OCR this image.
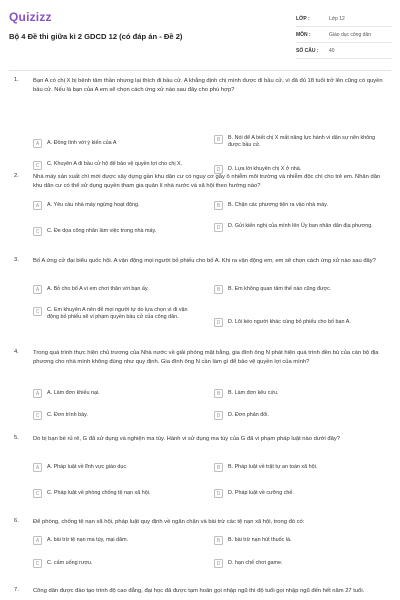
Quizizz
Bộ 4 Đề thi giữa kì 2 GDCD 12 (có đáp án - Đề 2)
LỚP :	Lớp 12
MÔN :	Giáo dục công dân
SỐ CÂU :	40
1. Bạn A có chị X bị bệnh tâm thần nhưng lại thích đi bầu cử. A khẳng định chị mình được đi bầu cử, vì đã đủ 18 tuổi trở lên cũng có quyền bầu cử. Nếu là bạn của A em sẽ chọn cách ứng xử nào sau đây cho phù hợp?
A	A. Đồng tình với ý kiến của A
B	B. Nói để A biết chị X mất năng lực hành vi dân sự nên không được bầu cử.
C	C. Khuyên A đi bầu cử hộ để bảo vệ quyền lợi cho chị X.
D	D. Lựa lời khuyên chị X ở nhà.
2. Nhà máy sản xuất chì mới được xây dựng gần khu dân cư có nguy cơ gây ô nhiễm môi trường và nhiễm độc chì cho trẻ em. Nhân dân khu dân cư có thể sử dụng quyền tham gia quản lí nhà nước và xã hội theo hướng nào?
A	A. Yêu cầu nhà máy ngừng hoạt động.	B	B. Chặn các phương tiện ra vào nhà máy.
C	C. Đe dọa công nhân làm việc trong nhà máy.
D	D. Gửi kiến nghị của mình lên Ủy ban nhân dân địa phương.
3. Bố A ứng cử đại biểu quốc hội. A vận động mọi người bỏ phiếu cho bố A. Khi ra vận động em, em sẽ chọn cách ứng xử nào sau đây?
A	A. Bỏ cho bố A vì em chơi thân với bạn ấy.	B	B. Em không quan tâm thế nào cũng được.
C	C. Em khuyên A nên để mọi người tự do lựa chọn vì đi vận động bỏ phiếu sẽ vi phạm quyền bầu cử của công dân.
D	D. Lôi kéo người khác cùng bỏ phiếu cho bố bạn A.
4. Trong quá trình thực hiện chủ trương của Nhà nước về giải phóng mặt bằng, gia đình ông N phát hiện quá trình đền bù của cán bộ địa phương cho nhà mình không đúng như quy định. Gia đình ông N cần làm gì để bảo vệ quyền lợi của mình?
A	A. Làm đơn khiếu nại.	B	B. Làm đơn kêu cứu.
C	C. Đơn trình bày.	D	D. Đơn phản đối.
5. Do bị bạn bè rủ rê, G đã sử dụng và nghiện ma túy. Hành vi sử dụng ma túy của G đã vi phạm pháp luật nào dưới đây?
A	A. Pháp luật về lĩnh vực giáo dục.	B	B. Pháp luật về trật tự an toàn xã hội.
C	C. Pháp luật về phòng chống tệ nạn xã hội.	D	D. Pháp luật về cưỡng chế.
6. Để phòng, chống tệ nạn xã hội, pháp luật quy định về ngăn chặn và bài trừ các tệ nạn xã hội, trong đó có:
A	A. bài trừ tệ nạn ma túy, mại dâm.	B	B. bài trừ nạn hút thuốc lá.
C	C. cấm uống rượu.	D	D. hạn chế chơi game.
7. Công dân được đào tạo trình độ cao đẳng, đại học đã được tạm hoãn gọi nhập ngũ thì độ tuổi gọi nhập ngũ đến hết năm 27 tuổi.
